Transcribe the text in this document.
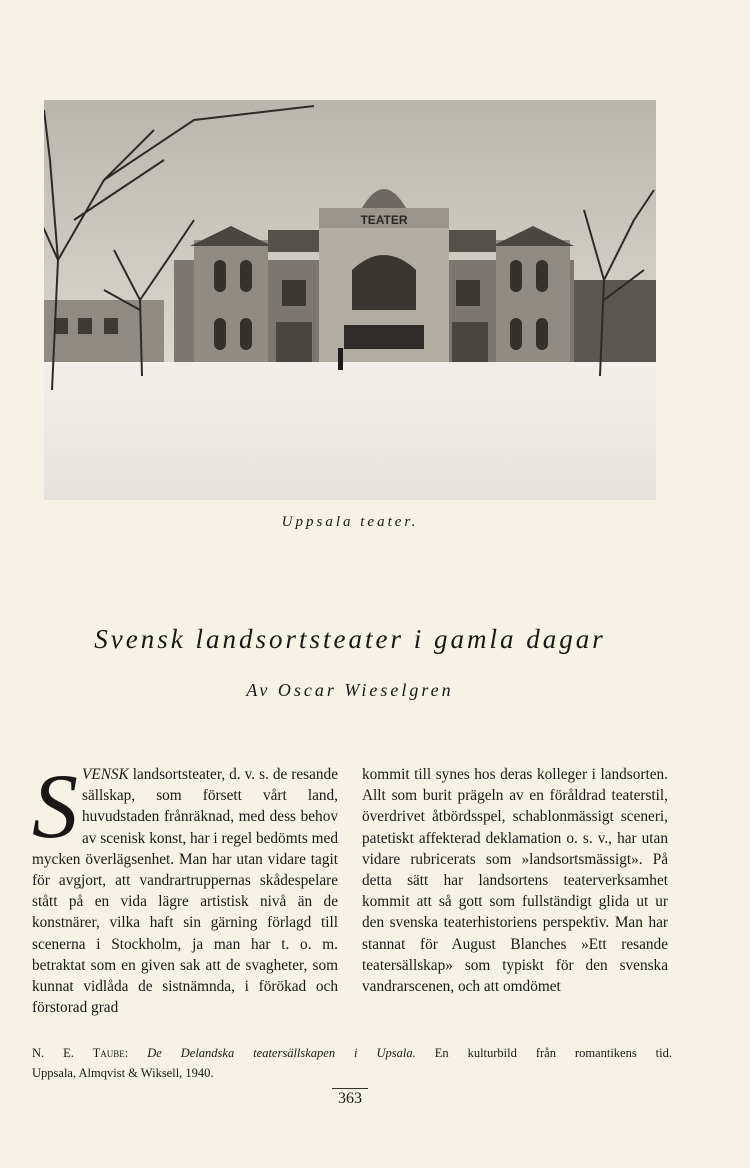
TEATER
Uppsala teater.
Svensk landsortsteater i gamla dagar
Av Oscar Wieselgren
SVENSK landsortsteater, d. v. s. de resande sällskap, som försett vårt land, huvudstaden frånräknad, med dess behov av scenisk konst, har i regel bedömts med mycken överlägsenhet. Man har utan vidare tagit för avgjort, att vandrartruppernas skådespelare stått på en vida lägre artistisk nivå än de konstnärer, vilka haft sin gärning förlagd till scenerna i Stockholm, ja man har t. o. m. betraktat som en given sak att de svagheter, som kunnat vidlåda de sistnämnda, i förökad och förstorad grad
kommit till synes hos deras kolleger i landsorten. Allt som burit prägeln av en föråldrad teaterstil, överdrivet åtbördsspel, schablonmässigt sceneri, patetiskt affekterad deklamation o. s. v., har utan vidare rubricerats som »landsortsmässigt». På detta sätt har landsortens teaterverksamhet kommit att så gott som fullständigt glida ut ur den svenska teaterhistoriens perspektiv. Man har stannat för August Blanches »Ett resande teatersällskap» som typiskt för den svenska vandrarscenen, och att omdömet
N. E. Taube: De Delandska teatersällskapen i Upsala. En kulturbild från romantikens tid.
Uppsala, Almqvist & Wiksell, 1940.
363
